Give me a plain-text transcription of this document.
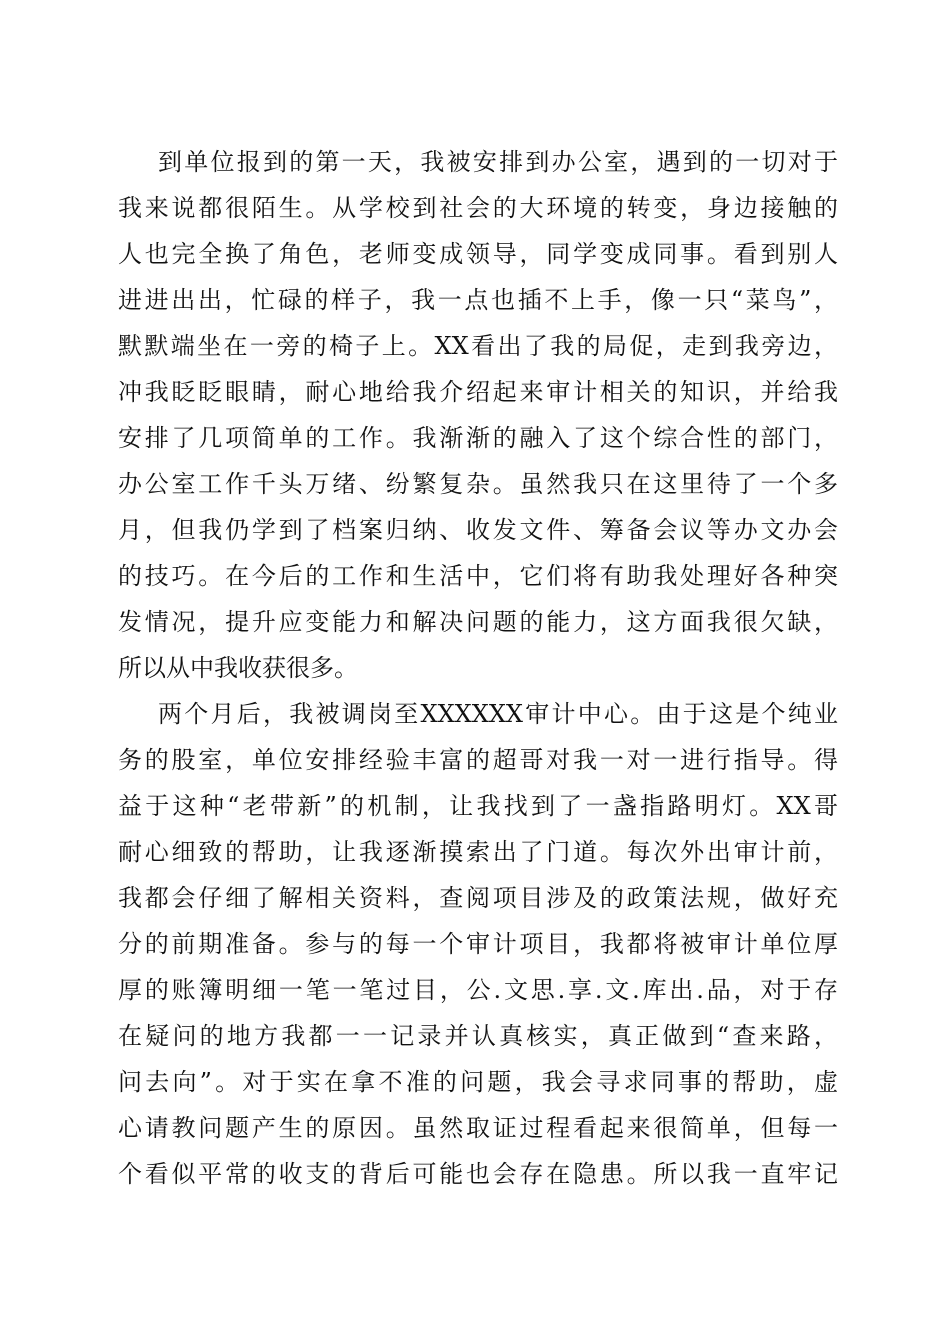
到单位报到的第一天，我被安排到办公室，遇到的一切对于
我来说都很陌生。从学校到社会的大环境的转变，身边接触的
人也完全换了角色，老师变成领导，同学变成同事。看到别人
进进出出，忙碌的样子，我一点也插不上手，像一只“菜鸟”，
默默端坐在一旁的椅子上。XX看出了我的局促，走到我旁边，
冲我眨眨眼睛，耐心地给我介绍起来审计相关的知识，并给我
安排了几项简单的工作。我渐渐的融入了这个综合性的部门，
办公室工作千头万绪、纷繁复杂。虽然我只在这里待了一个多
月，但我仍学到了档案归纳、收发文件、筹备会议等办文办会
的技巧。在今后的工作和生活中，它们将有助我处理好各种突
发情况，提升应变能力和解决问题的能力，这方面我很欠缺，
所以从中我收获很多。
两个月后，我被调岗至XXXXXX审计中心。由于这是个纯业
务的股室，单位安排经验丰富的超哥对我一对一进行指导。得
益于这种“老带新”的机制，让我找到了一盏指路明灯。XX哥
耐心细致的帮助，让我逐渐摸索出了门道。每次外出审计前，
我都会仔细了解相关资料，查阅项目涉及的政策法规，做好充
分的前期准备。参与的每一个审计项目，我都将被审计单位厚
厚的账簿明细一笔一笔过目，公.文思.享.文.库出.品，对于存
在疑问的地方我都一一记录并认真核实，真正做到“查来路，
问去向”。对于实在拿不准的问题，我会寻求同事的帮助，虚
心请教问题产生的原因。虽然取证过程看起来很简单，但每一
个看似平常的收支的背后可能也会存在隐患。所以我一直牢记
